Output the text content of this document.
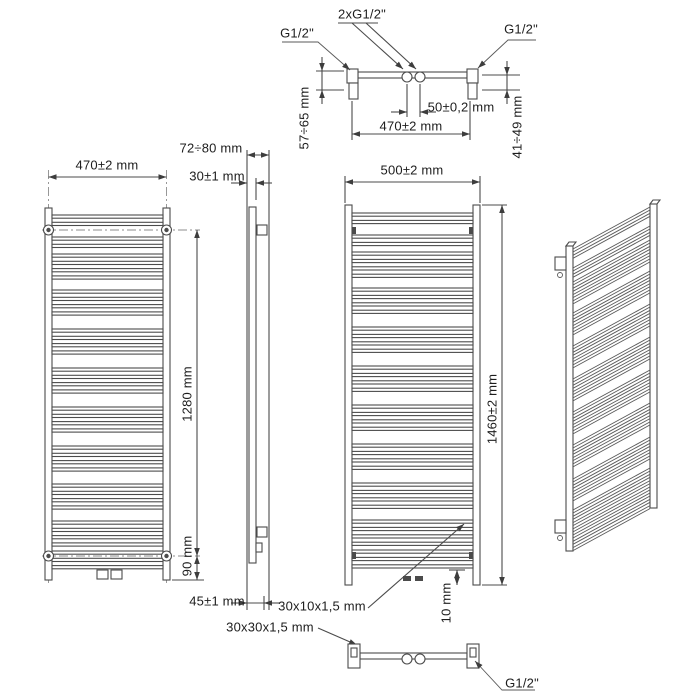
G1/2"
2xG1/2"
G1/2"
50±0,2 mm
470±2 mm
57÷65 mm	41÷49 mm
72÷80 mm
30±1 mm
45±1 mm
470±2 mm
1280 mm
90 mm
500±2 mm
1460±2 mm
10 mm
30x10x1,5 mm
30x30x1,5 mm
G1/2"
